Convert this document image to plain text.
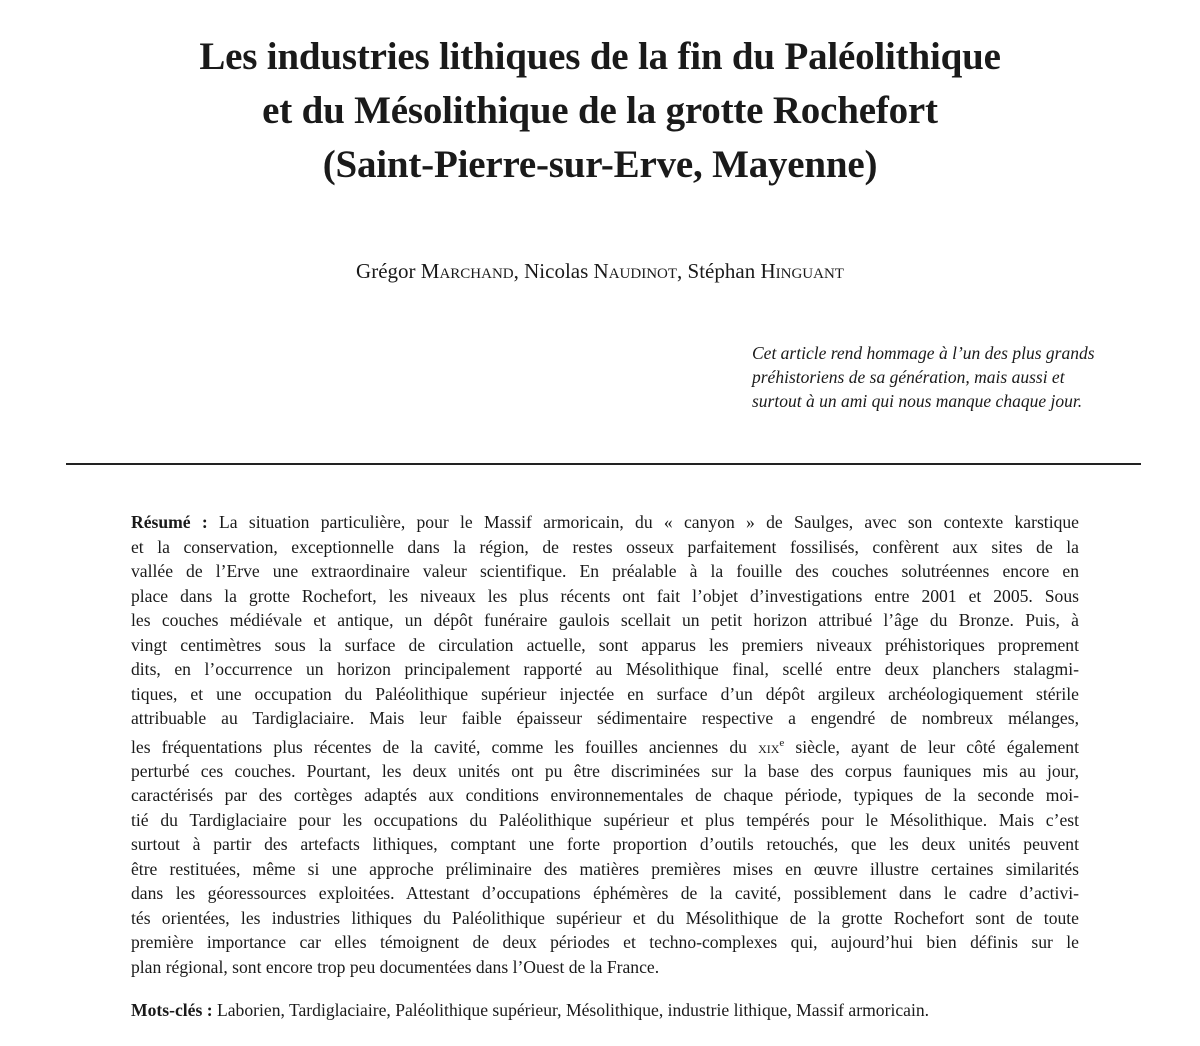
Les industries lithiques de la fin du Paléolithique
et du Mésolithique de la grotte Rochefort
(Saint-Pierre-sur-Erve, Mayenne)

Grégor Marchand, Nicolas Naudinot, Stéphan Hinguant

Cet article rend hommage à l’un des plus grands
préhistoriens de sa génération, mais aussi et
surtout à un ami qui nous manque chaque jour.

Résumé : La situation particulière, pour le Massif armoricain, du « canyon » de Saulges, avec son contexte karstique
et la conservation, exceptionnelle dans la région, de restes osseux parfaitement fossilisés, confèrent aux sites de la
vallée de l’Erve une extraordinaire valeur scientifique. En préalable à la fouille des couches solutréennes encore en
place dans la grotte Rochefort, les niveaux les plus récents ont fait l’objet d’investigations entre 2001 et 2005. Sous
les couches médiévale et antique, un dépôt funéraire gaulois scellait un petit horizon attribué l’âge du Bronze. Puis, à
vingt centimètres sous la surface de circulation actuelle, sont apparus les premiers niveaux préhistoriques proprement
dits, en l’occurrence un horizon principalement rapporté au Mésolithique final, scellé entre deux planchers stalagmi-
tiques, et une occupation du Paléolithique supérieur injectée en surface d’un dépôt argileux archéologiquement stérile
attribuable au Tardiglaciaire. Mais leur faible épaisseur sédimentaire respective a engendré de nombreux mélanges,
les fréquentations plus récentes de la cavité, comme les fouilles anciennes du xix$^e$ siècle, ayant de leur côté également
perturbé ces couches. Pourtant, les deux unités ont pu être discriminées sur la base des corpus fauniques mis au jour,
caractérisés par des cortèges adaptés aux conditions environnementales de chaque période, typiques de la seconde moi-
tié du Tardiglaciaire pour les occupations du Paléolithique supérieur et plus tempérés pour le Mésolithique. Mais c’est
surtout à partir des artefacts lithiques, comptant une forte proportion d’outils retouchés, que les deux unités peuvent
être restituées, même si une approche préliminaire des matières premières mises en œuvre illustre certaines similarités
dans les géoressources exploitées. Attestant d’occupations éphémères de la cavité, possiblement dans le cadre d’activi-
tés orientées, les industries lithiques du Paléolithique supérieur et du Mésolithique de la grotte Rochefort sont de toute
première importance car elles témoignent de deux périodes et techno-complexes qui, aujourd’hui bien définis sur le
plan régional, sont encore trop peu documentées dans l’Ouest de la France.

Mots-clés : Laborien, Tardiglaciaire, Paléolithique supérieur, Mésolithique, industrie lithique, Massif armoricain.
